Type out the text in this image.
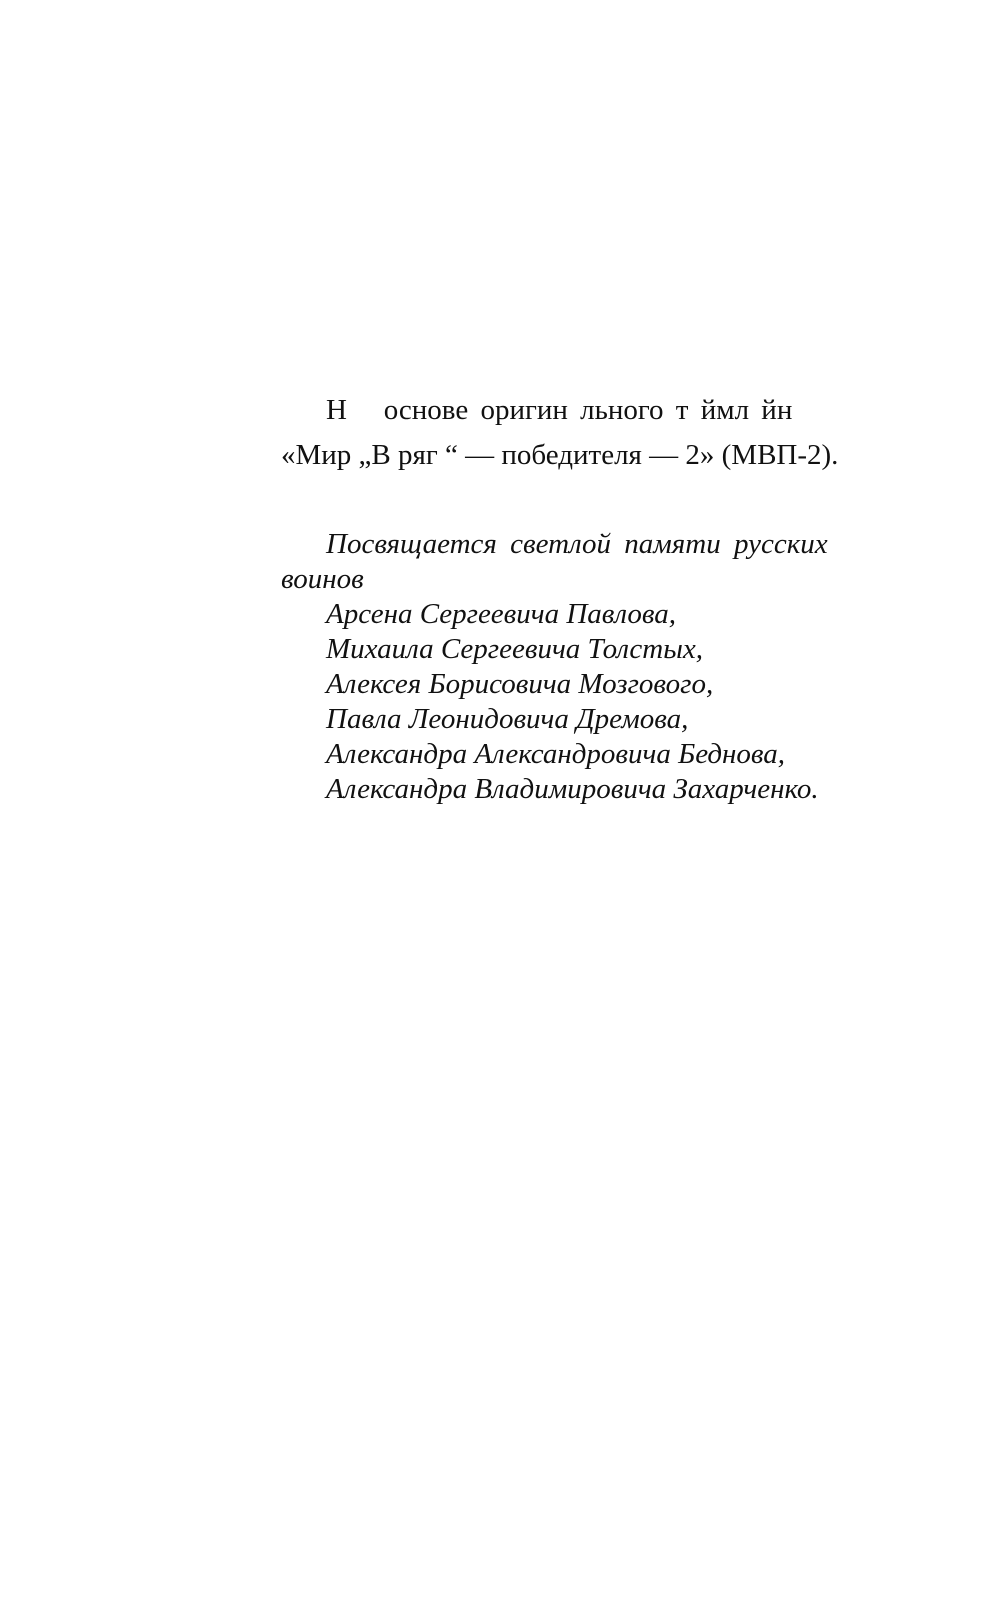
Н   основе оригин льного т ймл йн
«Мир „В ряг “ — победителя — 2» (МВП-2).

Посвящается светлой памяти русских воинов

Арсена Сергеевича Павлова,
Михаила Сергеевича Толстых,
Алексея Борисовича Мозгового,
Павла Леонидовича Дремова,
Александра Александровича Беднова,
Александра Владимировича Захарченко.
